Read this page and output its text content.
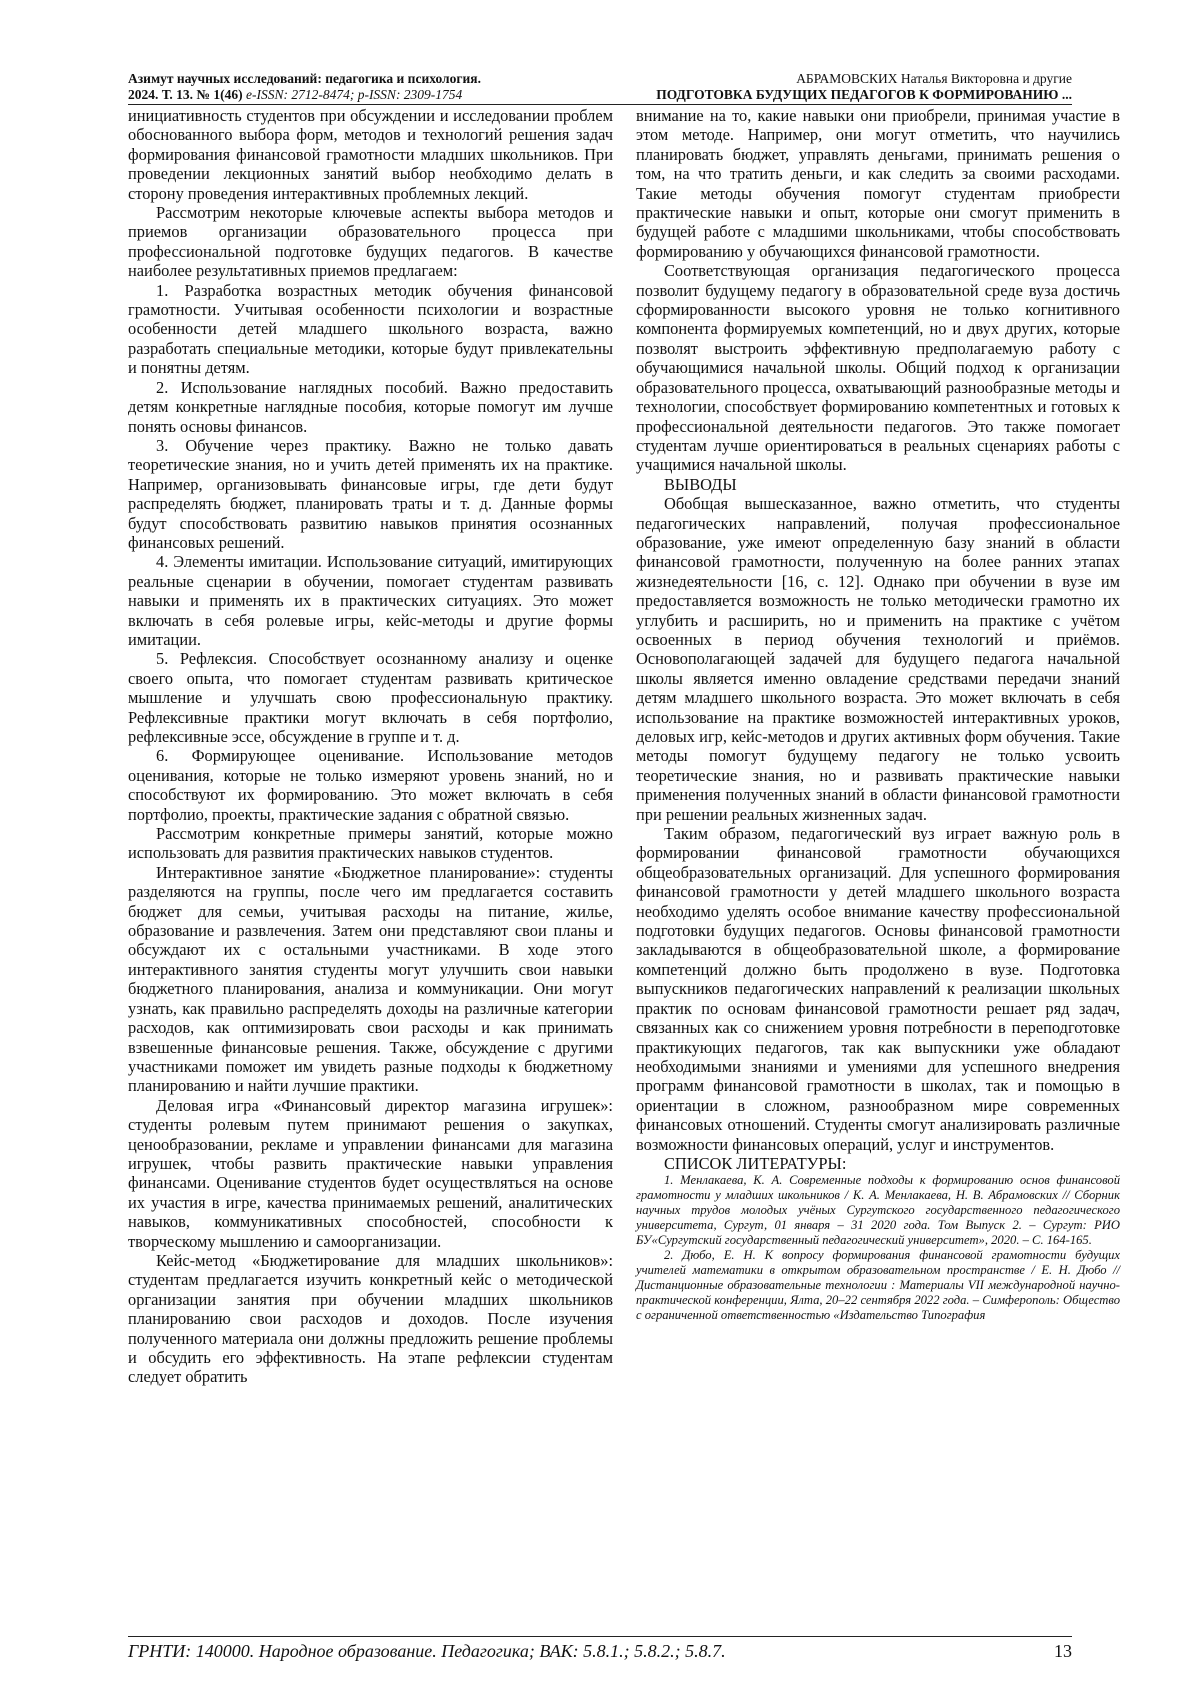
Азимут научных исследований: педагогика и психология.
2024. Т. 13. № 1(46) e-ISSN: 2712-8474; p-ISSN: 2309-1754
АБРАМОВСКИХ Наталья Викторовна и другие
ПОДГОТОВКА БУДУЩИХ ПЕДАГОГОВ К ФОРМИРОВАНИЮ ...

инициативность студентов при обсуждении и исследовании проблем обоснованного выбора форм, методов и технологий решения задач формирования финансовой грамотности младших школьников. При проведении лекционных занятий выбор необходимо делать в сторону проведения интерактивных проблемных лекций.

Рассмотрим некоторые ключевые аспекты выбора методов и приемов организации образовательного процесса при профессиональной подготовке будущих педагогов. В качестве наиболее результативных приемов предлагаем:

1. Разработка возрастных методик обучения финансовой грамотности. Учитывая особенности психологии и возрастные особенности детей младшего школьного возраста, важно разработать специальные методики, которые будут привлекательны и понятны детям.

2. Использование наглядных пособий. Важно предоставить детям конкретные наглядные пособия, которые помогут им лучше понять основы финансов.

3. Обучение через практику. Важно не только давать теоретические знания, но и учить детей применять их на практике. Например, организовывать финансовые игры, где дети будут распределять бюджет, планировать траты и т. д. Данные формы будут способствовать развитию навыков принятия осознанных финансовых решений.

4. Элементы имитации. Использование ситуаций, имитирующих реальные сценарии в обучении, помогает студентам развивать навыки и применять их в практических ситуациях. Это может включать в себя ролевые игры, кейс-методы и другие формы имитации.

5. Рефлексия. Способствует осознанному анализу и оценке своего опыта, что помогает студентам развивать критическое мышление и улучшать свою профессиональную практику. Рефлексивные практики могут включать в себя портфолио, рефлексивные эссе, обсуждение в группе и т. д.

6. Формирующее оценивание. Использование методов оценивания, которые не только измеряют уровень знаний, но и способствуют их формированию. Это может включать в себя портфолио, проекты, практические задания с обратной связью.

Рассмотрим конкретные примеры занятий, которые можно использовать для развития практических навыков студентов.

Интерактивное занятие «Бюджетное планирование»: студенты разделяются на группы, после чего им предлагается составить бюджет для семьи, учитывая расходы на питание, жилье, образование и развлечения. Затем они представляют свои планы и обсуждают их с остальными участниками. В ходе этого интерактивного занятия студенты могут улучшить свои навыки бюджетного планирования, анализа и коммуникации. Они могут узнать, как правильно распределять доходы на различные категории расходов, как оптимизировать свои расходы и как принимать взвешенные финансовые решения. Также, обсуждение с другими участниками поможет им увидеть разные подходы к бюджетному планированию и найти лучшие практики.

Деловая игра «Финансовый директор магазина игрушек»: студенты ролевым путем принимают решения о закупках, ценообразовании, рекламе и управлении финансами для магазина игрушек, чтобы развить практические навыки управления финансами. Оценивание студентов будет осуществляться на основе их участия в игре, качества принимаемых решений, аналитических навыков, коммуникативных способностей, способности к творческому мышлению и самоорганизации.

Кейс-метод «Бюджетирование для младших школьников»: студентам предлагается изучить конкретный кейс о методической организации занятия при обучении младших школьников планированию свои расходов и доходов. После изучения полученного материала они должны предложить решение проблемы и обсудить его эффективность. На этапе рефлексии студентам следует обратить

внимание на то, какие навыки они приобрели, принимая участие в этом методе. Например, они могут отметить, что научились планировать бюджет, управлять деньгами, принимать решения о том, на что тратить деньги, и как следить за своими расходами. Такие методы обучения помогут студентам приобрести практические навыки и опыт, которые они смогут применить в будущей работе с младшими школьниками, чтобы способствовать формированию у обучающихся финансовой грамотности.

Соответствующая организация педагогического процесса позволит будущему педагогу в образовательной среде вуза достичь сформированности высокого уровня не только когнитивного компонента формируемых компетенций, но и двух других, которые позволят выстроить эффективную предполагаемую работу с обучающимися начальной школы. Общий подход к организации образовательного процесса, охватывающий разнообразные методы и технологии, способствует формированию компетентных и готовых к профессиональной деятельности педагогов. Это также помогает студентам лучше ориентироваться в реальных сценариях работы с учащимися начальной школы.

ВЫВОДЫ

Обобщая вышесказанное, важно отметить, что студенты педагогических направлений, получая профессиональное образование, уже имеют определенную базу знаний в области финансовой грамотности, полученную на более ранних этапах жизнедеятельности [16, с. 12]. Однако при обучении в вузе им предоставляется возможность не только методически грамотно их углубить и расширить, но и применить на практике с учётом освоенных в период обучения технологий и приёмов. Основополагающей задачей для будущего педагога начальной школы является именно овладение средствами передачи знаний детям младшего школьного возраста. Это может включать в себя использование на практике возможностей интерактивных уроков, деловых игр, кейс-методов и других активных форм обучения. Такие методы помогут будущему педагогу не только усвоить теоретические знания, но и развивать практические навыки применения полученных знаний в области финансовой грамотности при решении реальных жизненных задач.

Таким образом, педагогический вуз играет важную роль в формировании финансовой грамотности обучающихся общеобразовательных организаций. Для успешного формирования финансовой грамотности у детей младшего школьного возраста необходимо уделять особое внимание качеству профессиональной подготовки будущих педагогов. Основы финансовой грамотности закладываются в общеобразовательной школе, а формирование компетенций должно быть продолжено в вузе. Подготовка выпускников педагогических направлений к реализации школьных практик по основам финансовой грамотности решает ряд задач, связанных как со снижением уровня потребности в переподготовке практикующих педагогов, так как выпускники уже обладают необходимыми знаниями и умениями для успешного внедрения программ финансовой грамотности в школах, так и помощью в ориентации в сложном, разнообразном мире современных финансовых отношений. Студенты смогут анализировать различные возможности финансовых операций, услуг и инструментов.

СПИСОК ЛИТЕРАТУРЫ:

1. Менлакаева, К. А. Современные подходы к формированию основ финансовой грамотности у младших школьников / К. А. Менлакаева, Н. В. Абрамовских // Сборник научных трудов молодых учёных Сургутского государственного педагогического университета, Сургут, 01 января – 31 2020 года. Том Выпуск 2. – Сургут: РИО БУ«Сургутский государственный педагогический университет», 2020. – С. 164-165.

2. Дюбо, Е. Н. К вопросу формирования финансовой грамотности будущих учителей математики в открытом образовательном пространстве / Е. Н. Дюбо // Дистанционные образовательные технологии : Материалы VII международной научно-практической конференции, Ялта, 20–22 сентября 2022 года. – Симферополь: Общество с ограниченной ответственностью «Издательство Типография

ГРНТИ: 140000. Народное образование. Педагогика; ВАК: 5.8.1.; 5.8.2.; 5.8.7.	13
